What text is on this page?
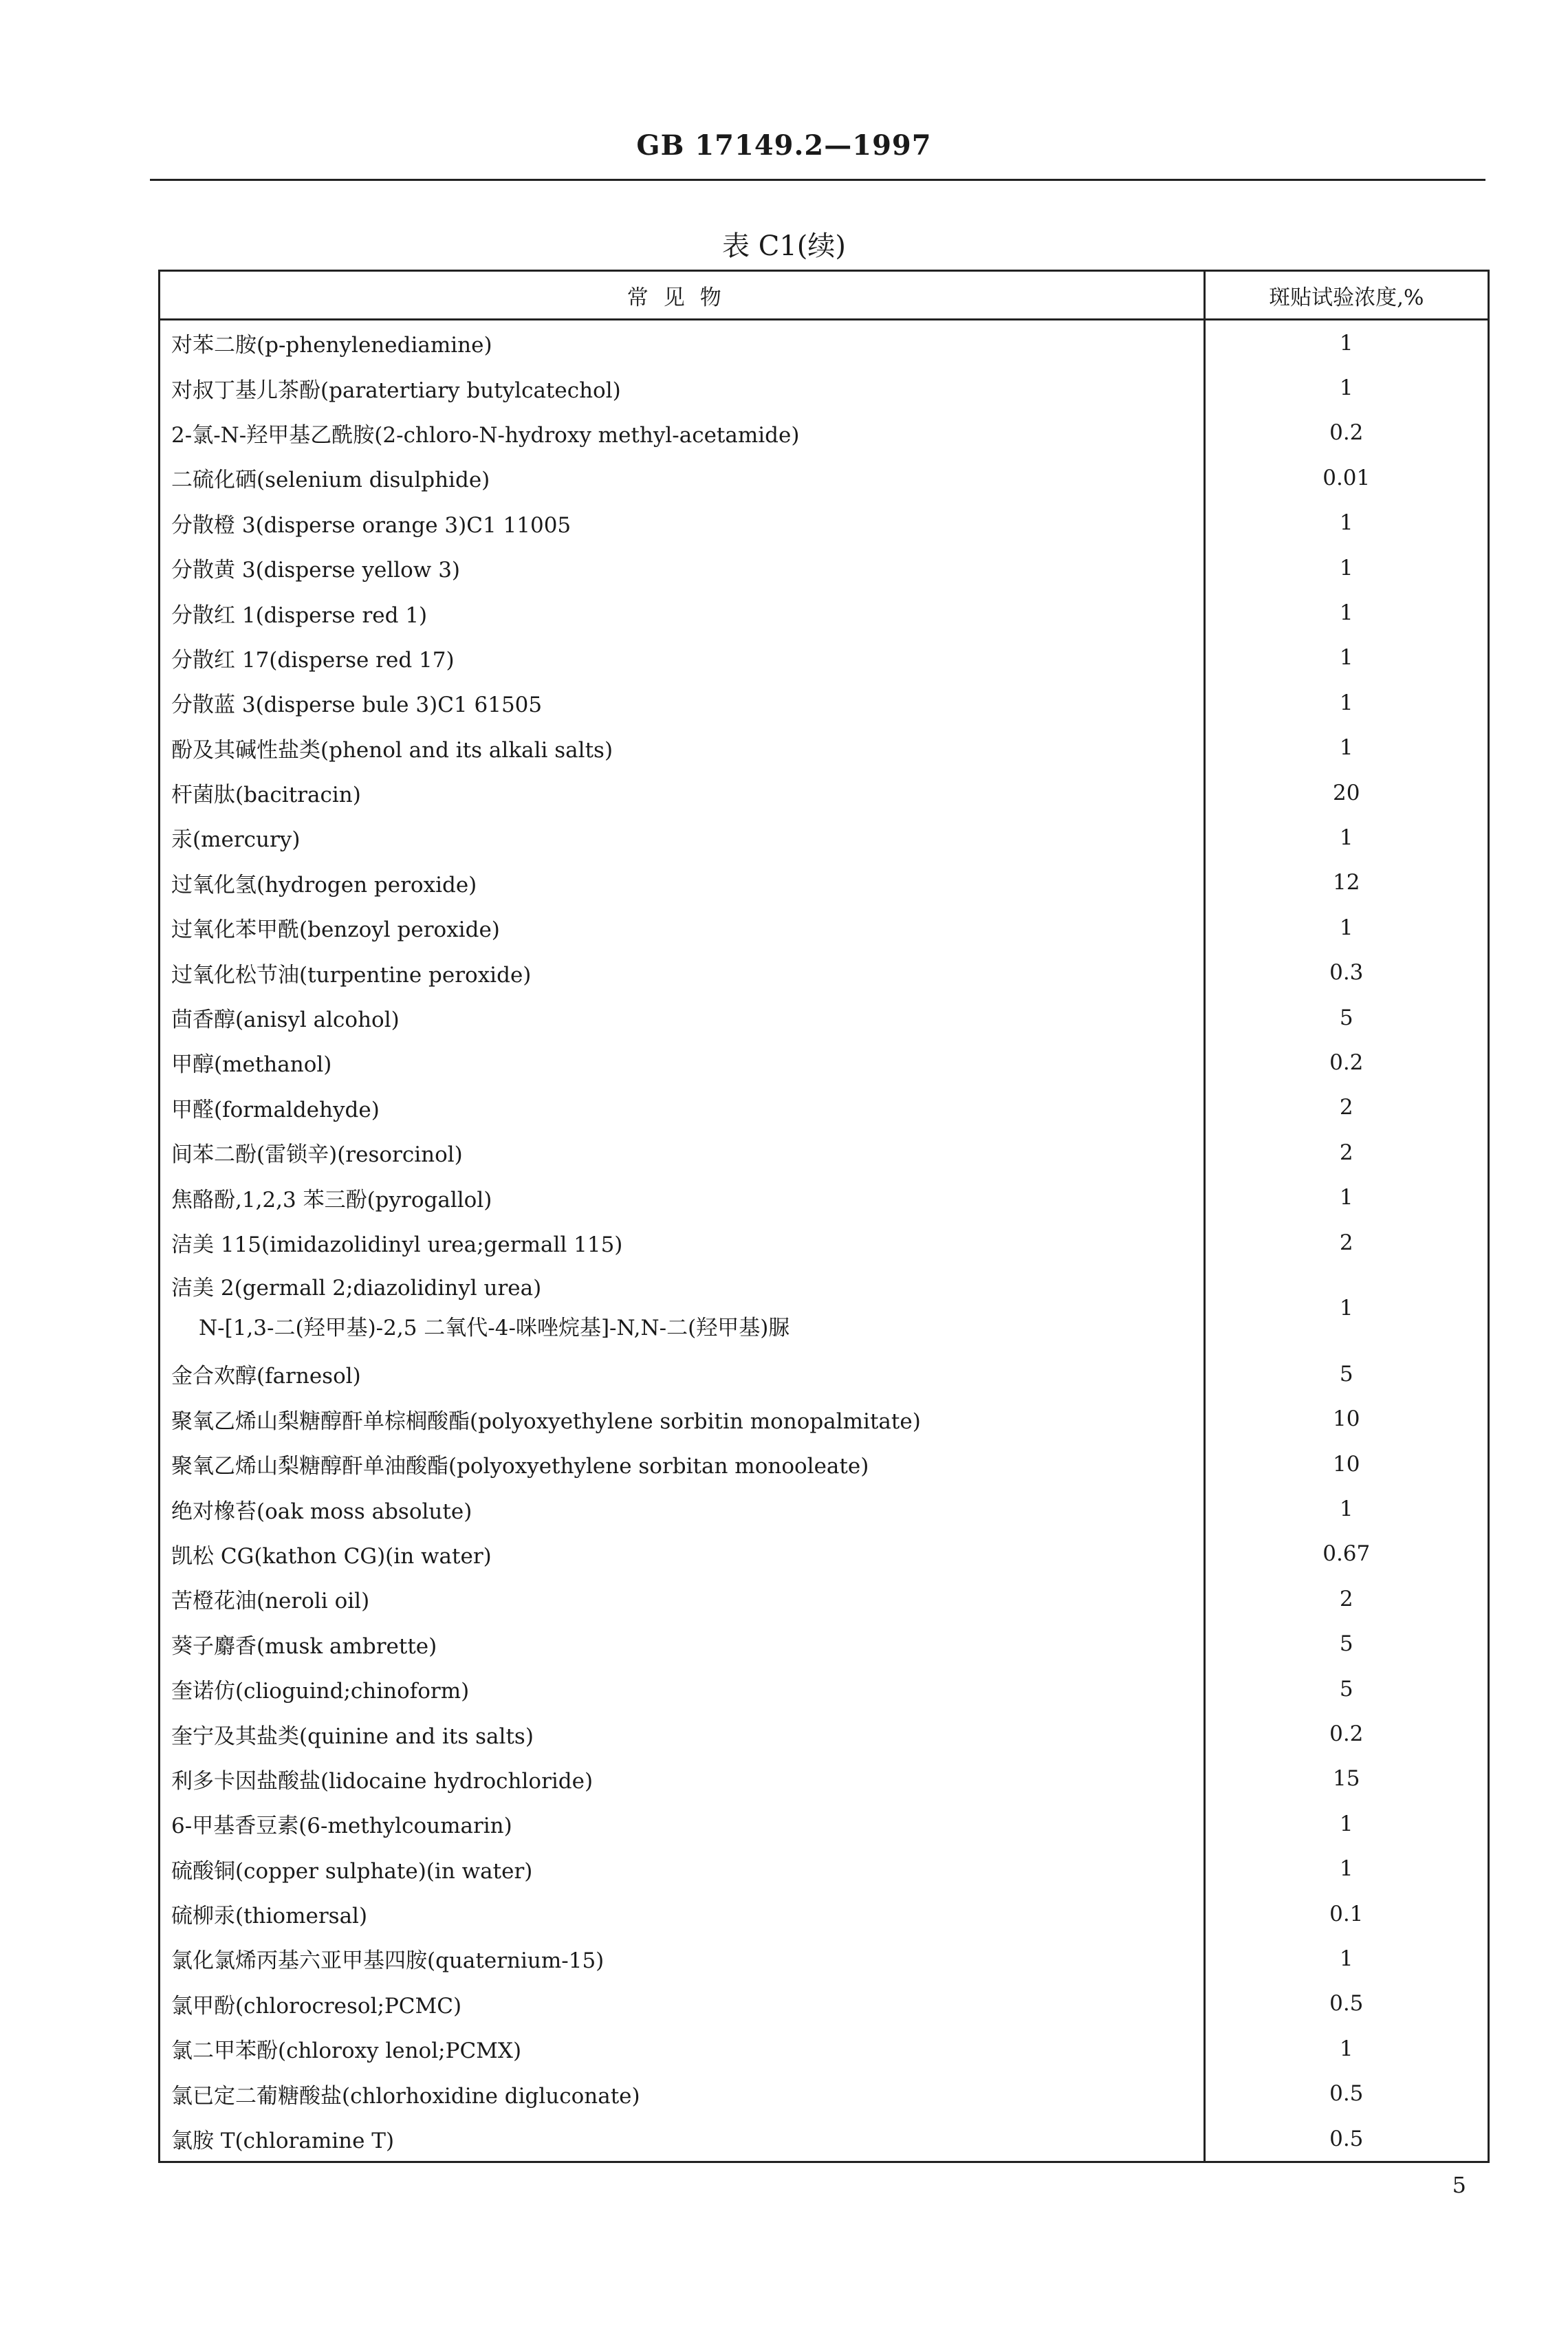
GB 17149.2—1997
表 C1(续)
常见物	斑贴试验浓度,%
对苯二胺(p-phenylenediamine)	1
对叔丁基儿茶酚(paratertiary butylcatechol)	1
2-氯-N-羟甲基乙酰胺(2-chloro-N-hydroxy methyl-acetamide)	0.2
二硫化硒(selenium disulphide)	0.01
分散橙 3(disperse orange 3)C1 11005	1
分散黄 3(disperse yellow 3)	1
分散红 1(disperse red 1)	1
分散红 17(disperse red 17)	1
分散蓝 3(disperse bule 3)C1 61505	1
酚及其碱性盐类(phenol and its alkali salts)	1
杆菌肽(bacitracin)	20
汞(mercury)	1
过氧化氢(hydrogen peroxide)	12
过氧化苯甲酰(benzoyl peroxide)	1
过氧化松节油(turpentine peroxide)	0.3
茴香醇(anisyl alcohol)	5
甲醇(methanol)	0.2
甲醛(formaldehyde)	2
间苯二酚(雷锁辛)(resorcinol)	2
焦酪酚,1,2,3 苯三酚(pyrogallol)	1
洁美 115(imidazolidinyl urea;germall 115)	2
洁美 2(germall 2;diazolidinyl urea)
N-[1,3-二(羟甲基)-2,5 二氧代-4-咪唑烷基]-N,N-二(羟甲基)脲	1
金合欢醇(farnesol)	5
聚氧乙烯山梨糖醇酐单棕榈酸酯(polyoxyethylene sorbitin monopalmitate)	10
聚氧乙烯山梨糖醇酐单油酸酯(polyoxyethylene sorbitan monooleate)	10
绝对橡苔(oak moss absolute)	1
凯松 CG(kathon CG)(in water)	0.67
苦橙花油(neroli oil)	2
葵子麝香(musk ambrette)	5
奎诺仿(clioguind;chinoform)	5
奎宁及其盐类(quinine and its salts)	0.2
利多卡因盐酸盐(lidocaine hydrochloride)	15
6-甲基香豆素(6-methylcoumarin)	1
硫酸铜(copper sulphate)(in water)	1
硫柳汞(thiomersal)	0.1
氯化氯烯丙基六亚甲基四胺(quaternium-15)	1
氯甲酚(chlorocresol;PCMC)	0.5
氯二甲苯酚(chloroxy lenol;PCMX)	1
氯已定二葡糖酸盐(chlorhoxidine digluconate)	0.5
氯胺 T(chloramine T)	0.5
5
